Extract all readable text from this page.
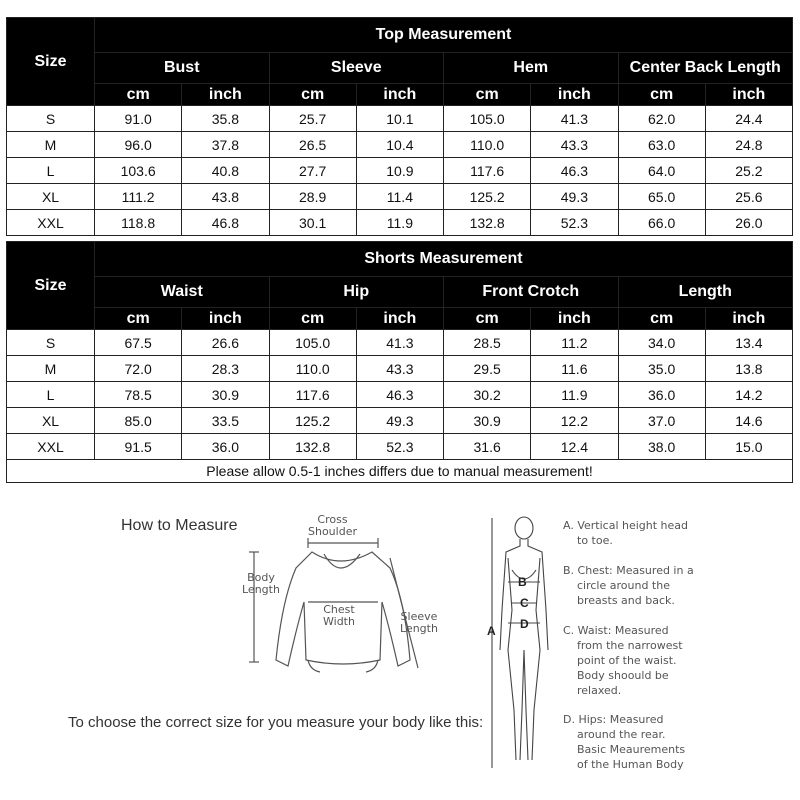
Size	Top Measurement							
	Bust		Sleeve		Hem		Center Back Length	
	cm	inch	cm	inch	cm	inch	cm	inch
S	91.0	35.8	25.7	10.1	105.0	41.3	62.0	24.4
M	96.0	37.8	26.5	10.4	110.0	43.3	63.0	24.8
L	103.6	40.8	27.7	10.9	117.6	46.3	64.0	25.2
XL	111.2	43.8	28.9	11.4	125.2	49.3	65.0	25.6
XXL	118.8	46.8	30.1	11.9	132.8	52.3	66.0	26.0
Size	Shorts Measurement							
	Waist		Hip		Front Crotch		Length	
	cm	inch	cm	inch	cm	inch	cm	inch
S	67.5	26.6	105.0	41.3	28.5	11.2	34.0	13.4
M	72.0	28.3	110.0	43.3	29.5	11.6	35.0	13.8
L	78.5	30.9	117.6	46.3	30.2	11.9	36.0	14.2
XL	85.0	33.5	125.2	49.3	30.9	12.2	37.0	14.6
XXL	91.5	36.0	132.8	52.3	31.6	12.4	38.0	15.0
Please allow 0.5-1 inches differs due to manual measurement!								
How to Measure	Cross
Shoulder
Body
Length
Chest
Width	Sleeve
Length
To choose the correct size for you measure your body like this:
B
C
D
A
A. Vertical height head
to toe.
B. Chest: Measured in a
circle around the
breasts and back.
C. Waist: Measured
from the narrowest
point of the waist.
Body shoould be
relaxed.
D. Hips: Measured
around the rear.
Basic Meaurements
of the Human Body
